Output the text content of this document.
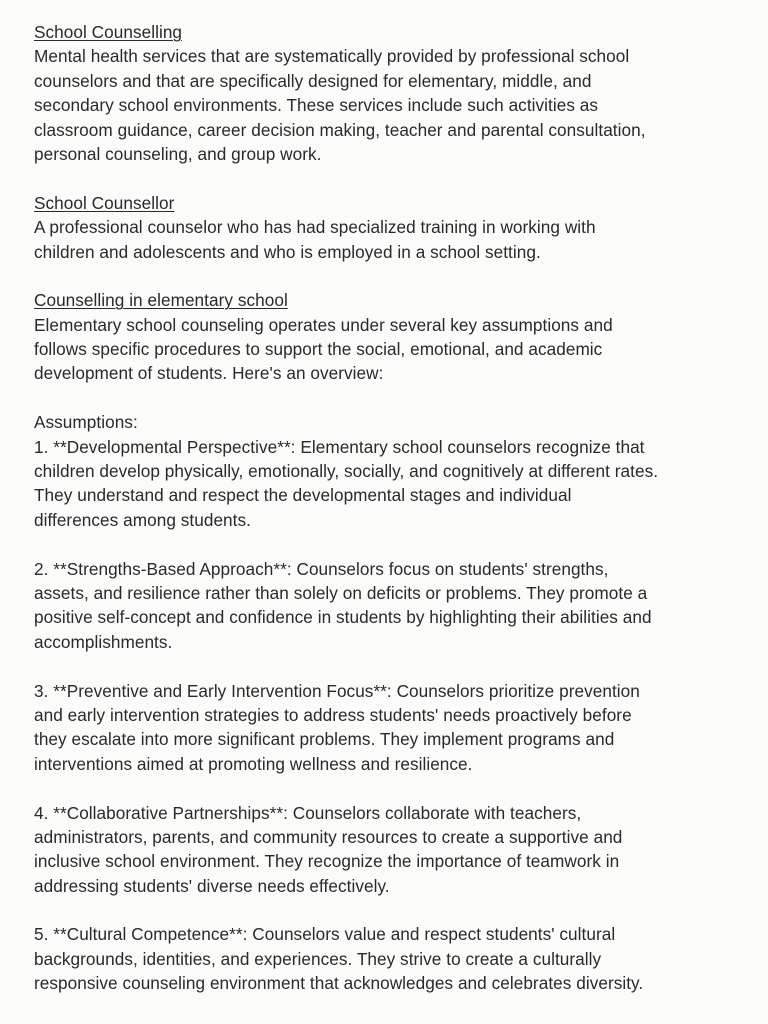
School Counselling
Mental health services that are systematically provided by professional school
counselors and that are specifically designed for elementary, middle, and
secondary school environments. These services include such activities as
classroom guidance, career decision making, teacher and parental consultation,
personal counseling, and group work.
School Counsellor
A professional counselor who has had specialized training in working with
children and adolescents and who is employed in a school setting.
Counselling in elementary school
Elementary school counseling operates under several key assumptions and
follows specific procedures to support the social, emotional, and academic
development of students. Here's an overview:
Assumptions:
1. **Developmental Perspective**: Elementary school counselors recognize that
children develop physically, emotionally, socially, and cognitively at different rates.
They understand and respect the developmental stages and individual
differences among students.
2. **Strengths-Based Approach**: Counselors focus on students' strengths,
assets, and resilience rather than solely on deficits or problems. They promote a
positive self-concept and confidence in students by highlighting their abilities and
accomplishments.
3. **Preventive and Early Intervention Focus**: Counselors prioritize prevention
and early intervention strategies to address students' needs proactively before
they escalate into more significant problems. They implement programs and
interventions aimed at promoting wellness and resilience.
4. **Collaborative Partnerships**: Counselors collaborate with teachers,
administrators, parents, and community resources to create a supportive and
inclusive school environment. They recognize the importance of teamwork in
addressing students' diverse needs effectively.
5. **Cultural Competence**: Counselors value and respect students' cultural
backgrounds, identities, and experiences. They strive to create a culturally
responsive counseling environment that acknowledges and celebrates diversity.
